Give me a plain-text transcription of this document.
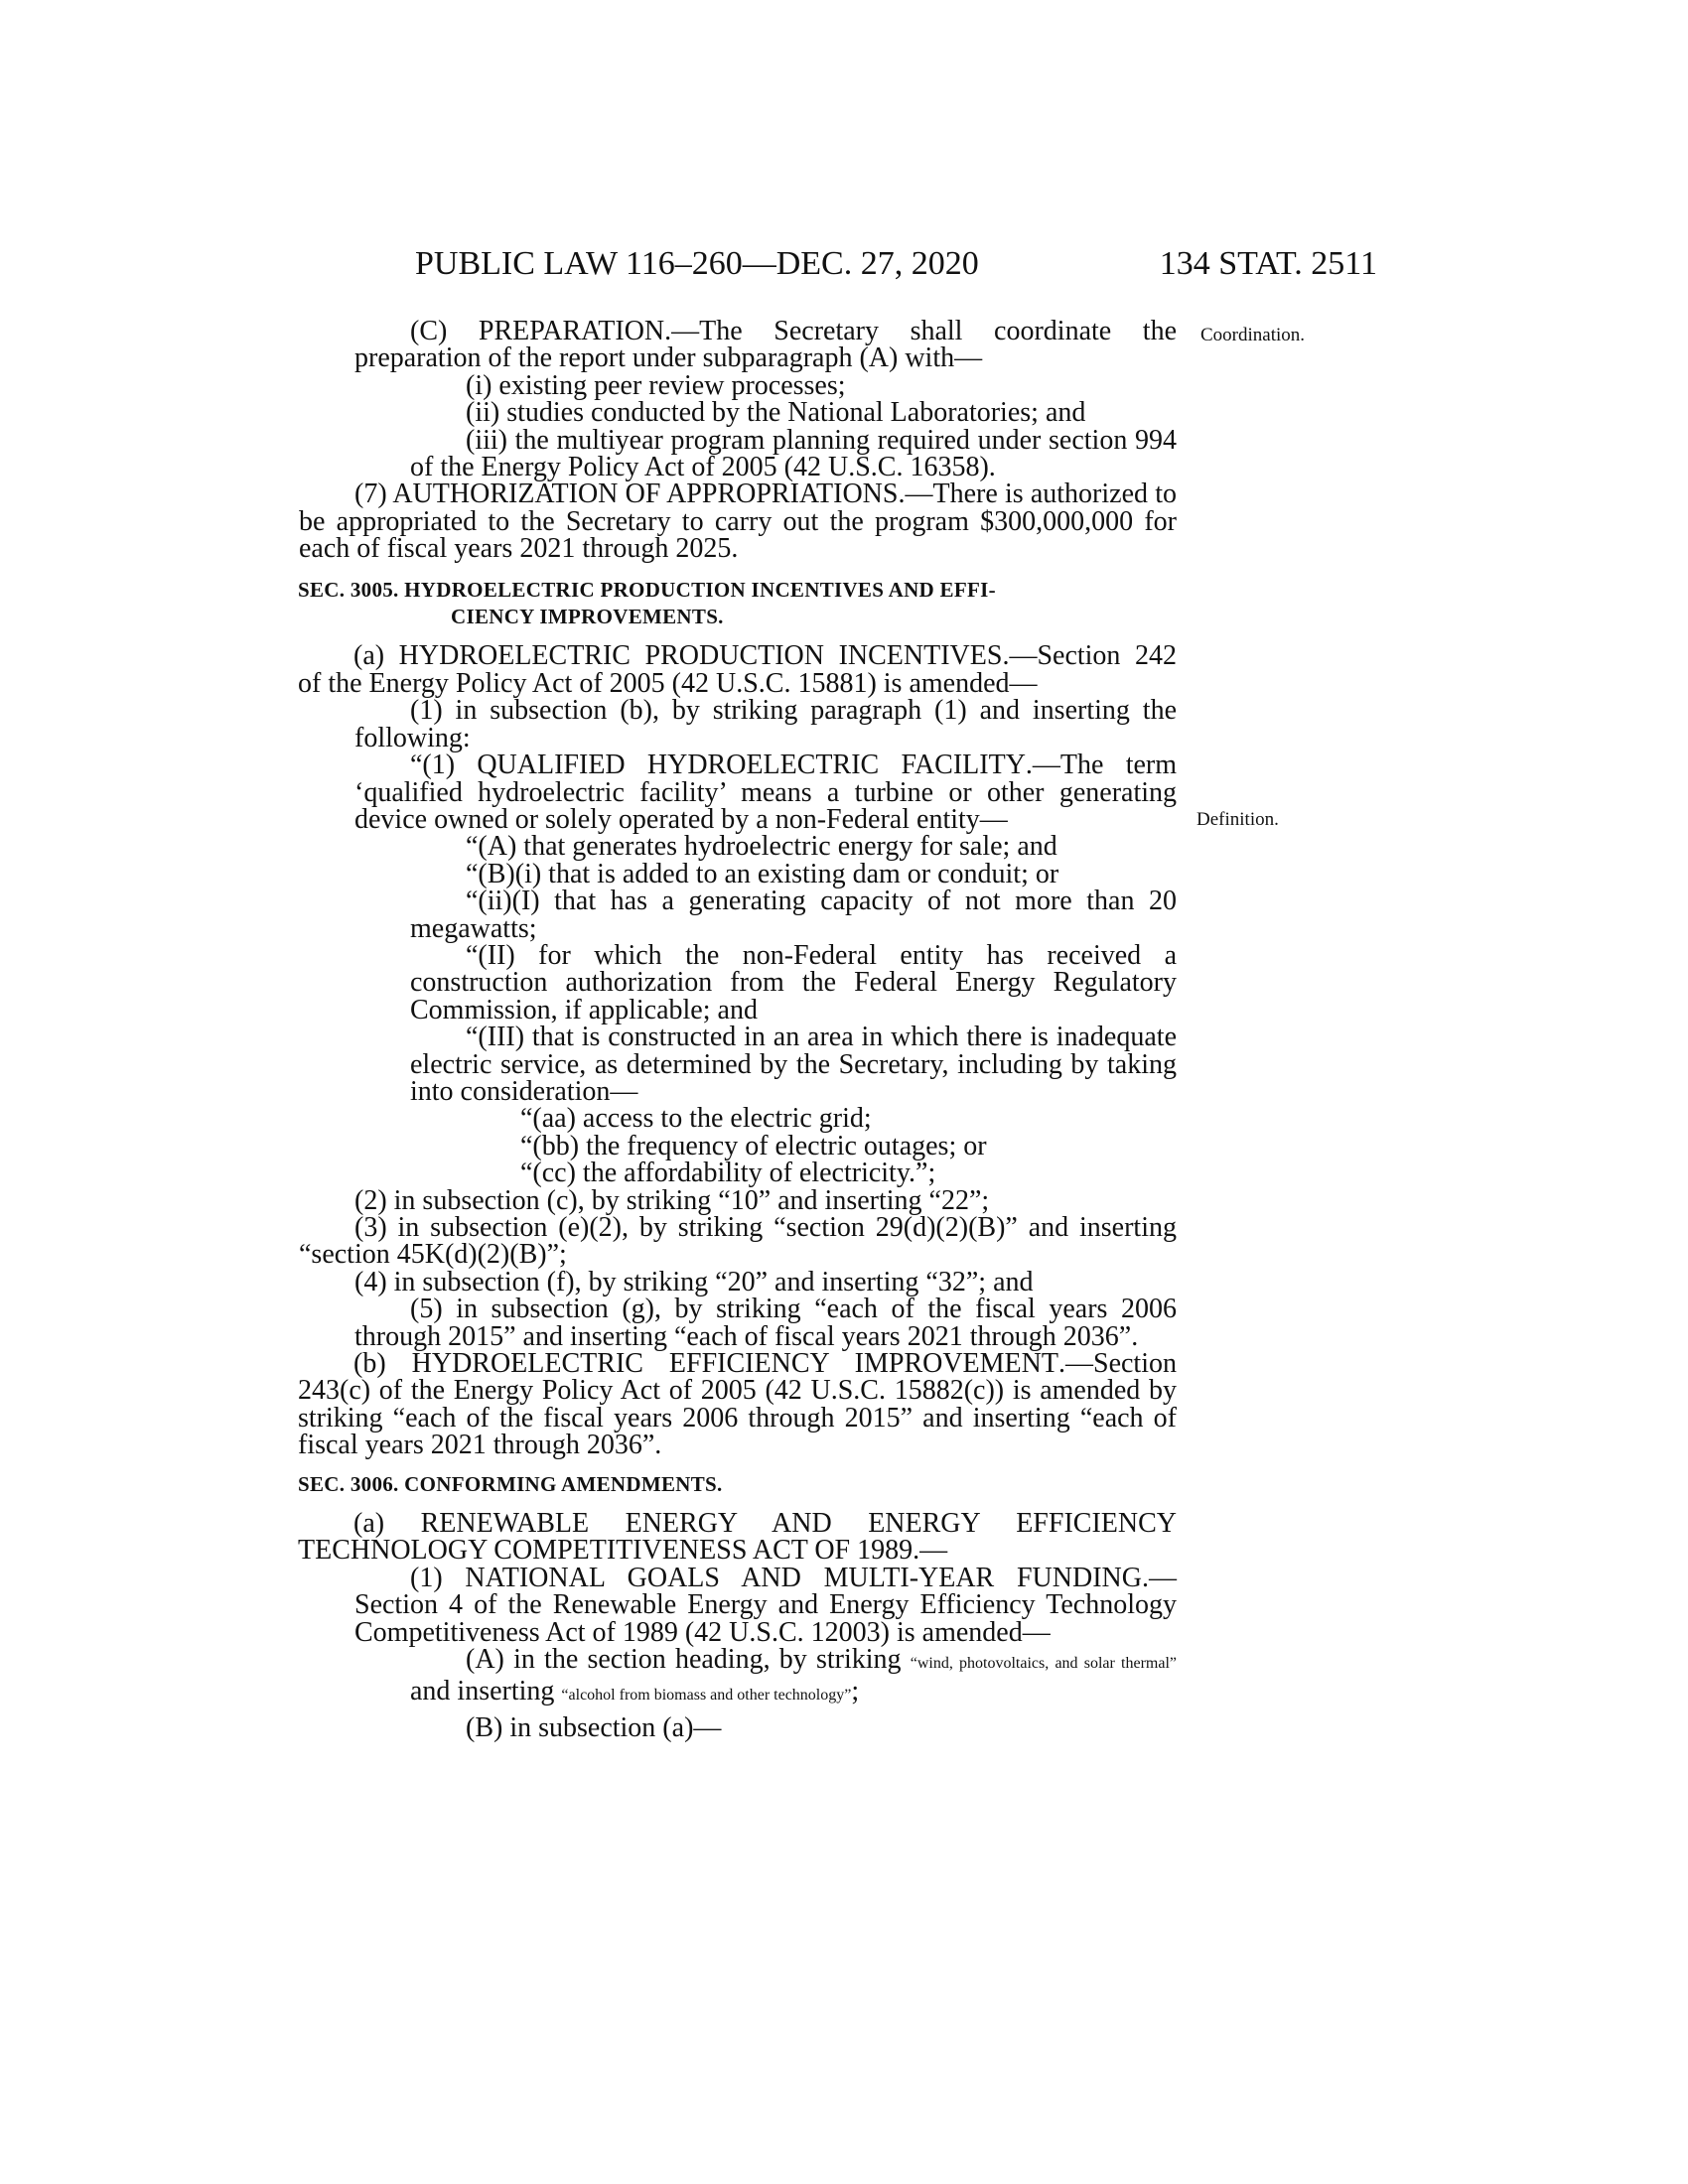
PUBLIC LAW 116–260—DEC. 27, 2020	134 STAT. 2511
Coordination.
Definition.

(C) PREPARATION.—The Secretary shall coordinate the preparation of the report under subparagraph (A) with—

(i) existing peer review processes;

(ii) studies conducted by the National Laboratories; and

(iii) the multiyear program planning required under section 994 of the Energy Policy Act of 2005 (42 U.S.C. 16358).

(7) AUTHORIZATION OF APPROPRIATIONS.—There is authorized to be appropriated to the Secretary to carry out the program $300,000,000 for each of fiscal years 2021 through 2025.

SEC. 3005. HYDROELECTRIC PRODUCTION INCENTIVES AND EFFI-
CIENCY IMPROVEMENTS.

(a) HYDROELECTRIC PRODUCTION INCENTIVES.—Section 242 of the Energy Policy Act of 2005 (42 U.S.C. 15881) is amended—

(1) in subsection (b), by striking paragraph (1) and inserting the following:

“(1) QUALIFIED HYDROELECTRIC FACILITY.—The term ‘qualified hydroelectric facility’ means a turbine or other generating device owned or solely operated by a non-Federal entity—

“(A) that generates hydroelectric energy for sale; and

“(B)(i) that is added to an existing dam or conduit; or

“(ii)(I) that has a generating capacity of not more than 20 megawatts;

“(II) for which the non-Federal entity has received a construction authorization from the Federal Energy Regulatory Commission, if applicable; and

“(III) that is constructed in an area in which there is inadequate electric service, as determined by the Secretary, including by taking into consideration—

“(aa) access to the electric grid;

“(bb) the frequency of electric outages; or

“(cc) the affordability of electricity.”;

(2) in subsection (c), by striking “10” and inserting “22”;

(3) in subsection (e)(2), by striking “section 29(d)(2)(B)” and inserting “section 45K(d)(2)(B)”;

(4) in subsection (f), by striking “20” and inserting “32”; and

(5) in subsection (g), by striking “each of the fiscal years 2006 through 2015” and inserting “each of fiscal years 2021 through 2036”.

(b) HYDROELECTRIC EFFICIENCY IMPROVEMENT.—Section 243(c) of the Energy Policy Act of 2005 (42 U.S.C. 15882(c)) is amended by striking “each of the fiscal years 2006 through 2015” and inserting “each of fiscal years 2021 through 2036”.

SEC. 3006. CONFORMING AMENDMENTS.

(a) RENEWABLE ENERGY AND ENERGY EFFICIENCY TECHNOLOGY COMPETITIVENESS ACT OF 1989.—

(1) NATIONAL GOALS AND MULTI-YEAR FUNDING.—Section 4 of the Renewable Energy and Energy Efficiency Technology Competitiveness Act of 1989 (42 U.S.C. 12003) is amended—

(A) in the section heading, by striking “wind, photovoltaics, and solar thermal” and inserting “alcohol from biomass and other technology”;

(B) in subsection (a)—
